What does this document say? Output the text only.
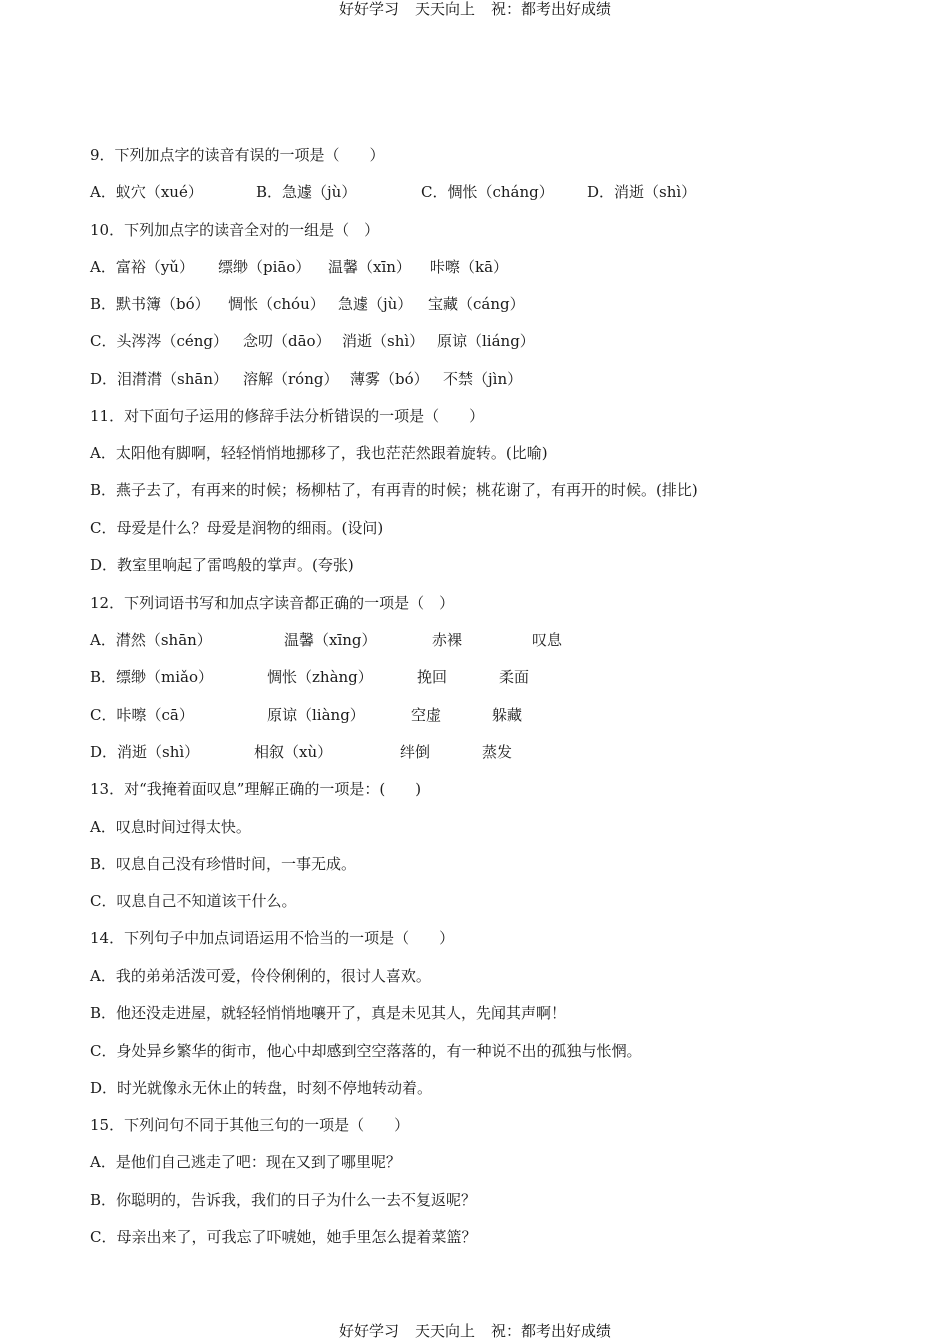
好好学习 天天向上 祝：都考出好成绩
9．下列加点字的读音有误的一项是（　　）
A．蚁穴（xué）	B．急遽（jù）	C．惆怅（cháng） D．消逝（shì）
10．下列加点字的读音全对的一组是（　）
A．富裕（yǔ） 缥缈（piāo） 温馨（xīn） 咔嚓（kā）
B．默书簿（bó） 惆怅（chóu） 急遽（jù） 宝藏（cáng）
C．头涔涔（céng） 念叨（dāo） 消逝（shì） 原谅（liáng）
D．泪潸潸（shān） 溶解（róng） 薄雾（bó） 不禁（jìn）
11．对下面句子运用的修辞手法分析错误的一项是（　　）
A．太阳他有脚啊，轻轻悄悄地挪移了，我也茫茫然跟着旋转。(比喻)
B．燕子去了，有再来的时候；杨柳枯了，有再青的时候；桃花谢了，有再开的时候。(排比)
C．母爱是什么？母爱是润物的细雨。(设问)
D．教室里响起了雷鸣般的掌声。(夸张)
12．下列词语书写和加点字读音都正确的一项是（　）
A．潸然（shān）	温馨（xīng）	赤裸	叹息
B．缥缈（miǎo）	惆怅（zhàng）	挽回	柔面
C．咔嚓（cā）	原谅（liàng）	空虚	躲藏
D．消逝（shì）	相叙（xù）	绊倒	蒸发
13．对“我掩着面叹息”理解正确的一项是：(　　)
A．叹息时间过得太快。
B．叹息自己没有珍惜时间，一事无成。
C．叹息自己不知道该干什么。
14．下列句子中加点词语运用不恰当的一项是（　　）
A．我的弟弟活泼可爱，伶伶俐俐的，很讨人喜欢。
B．他还没走进屋，就轻轻悄悄地嚷开了，真是未见其人，先闻其声啊！
C．身处异乡繁华的街市，他心中却感到空空落落的，有一种说不出的孤独与怅惘。
D．时光就像永无休止的转盘，时刻不停地转动着。
15．下列问句不同于其他三句的一项是（　　）
A．是他们自己逃走了吧：现在又到了哪里呢？
B．你聪明的，告诉我，我们的日子为什么一去不复返呢？
C．母亲出来了，可我忘了吓唬她，她手里怎么提着菜篮？
好好学习 天天向上 祝：都考出好成绩
